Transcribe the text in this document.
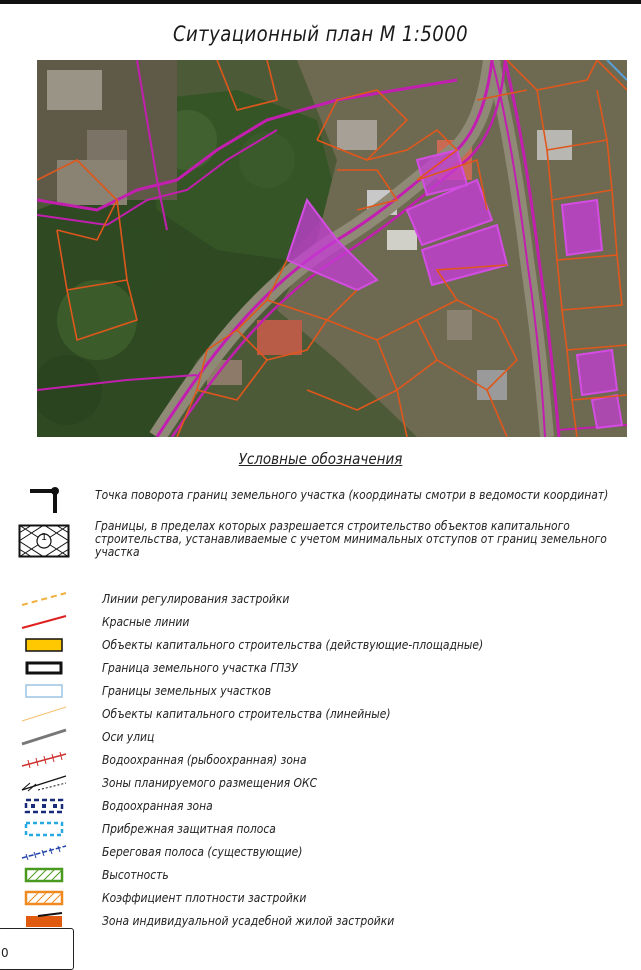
Ситуационный план М 1:5000
Условные обозначения
Точка поворота границ земельного участка (координаты смотри в ведомости координат)
1
Границы, в пределах которых разрешается строительство объектов капитального строительства, устанавливаемые с учетом минимальных отступов от границ земельного участка
Линии регулирования застройки
Красные линии
Объекты капитального строительства (действующие-площадные)
Граница земельного участка ГПЗУ
Границы земельных участков
Объекты капитального строительства (линейные)
Оси улиц
Водоохранная (рыбоохранная) зона
Зоны планируемого размещения ОКС
Водоохранная зона
Прибрежная защитная полоса
Береговая полоса (существующие)
Высотность
Коэффициент плотности застройки
Зона индивидуальной усадебной жилой застройки
0
